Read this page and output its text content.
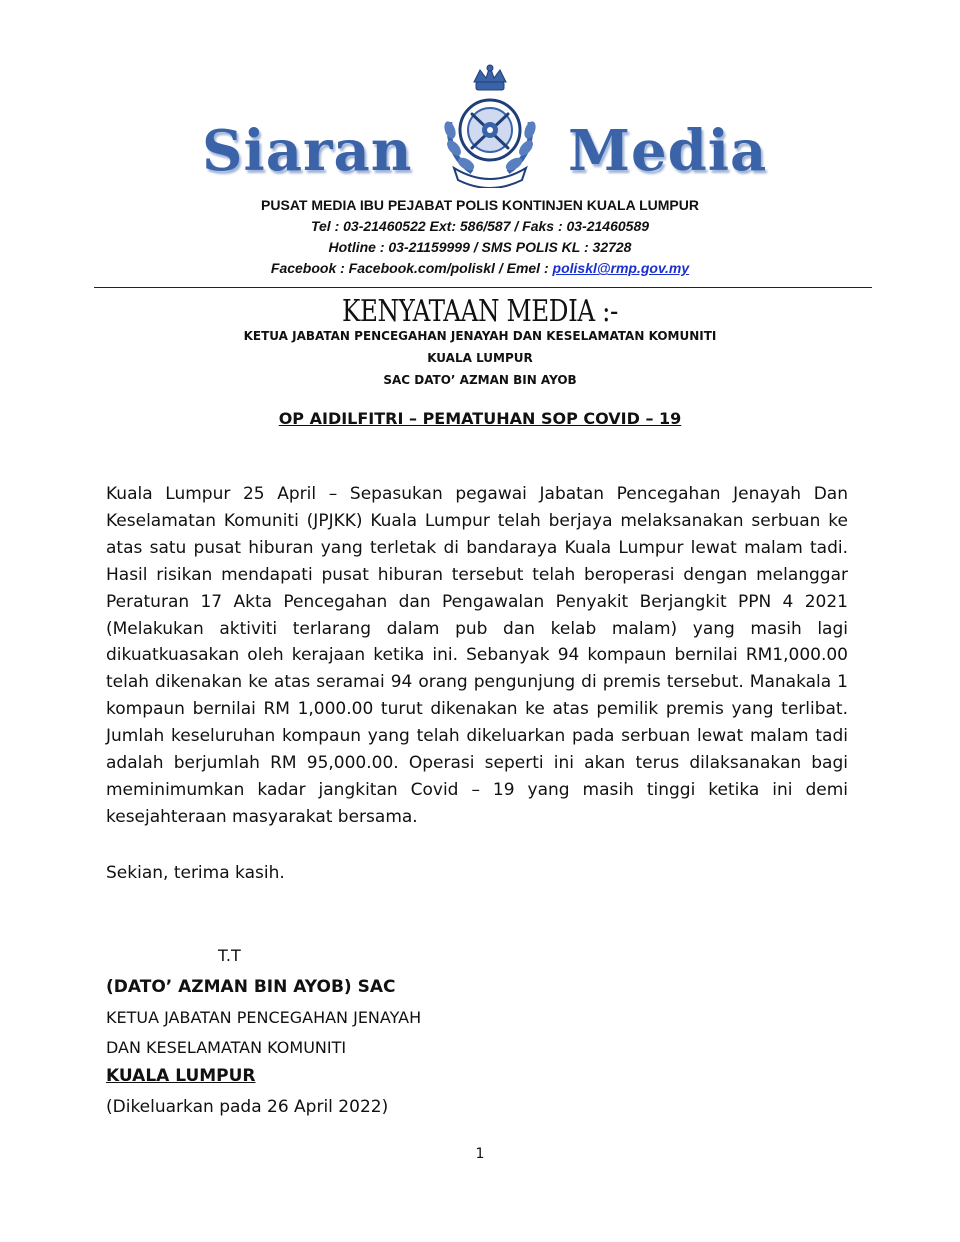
Siaran	Media
PUSAT MEDIA IBU PEJABAT POLIS KONTINJEN KUALA LUMPUR
Tel : 03-21460522 Ext: 586/587 / Faks : 03-21460589
Hotline : 03-21159999 / SMS POLIS KL : 32728
Facebook : Facebook.com/poliskl / Emel : poliskl@rmp.gov.my
KENYATAAN MEDIA :-
KETUA JABATAN PENCEGAHAN JENAYAH DAN KESELAMATAN KOMUNITI
KUALA LUMPUR
SAC DATO’ AZMAN BIN AYOB
OP AIDILFITRI – PEMATUHAN SOP COVID – 19

Kuala Lumpur 25 April – Sepasukan pegawai Jabatan Pencegahan Jenayah Dan Keselamatan Komuniti (JPJKK) Kuala Lumpur telah berjaya melaksanakan serbuan ke atas satu pusat hiburan yang terletak di bandaraya Kuala Lumpur lewat malam tadi. Hasil risikan mendapati pusat hiburan tersebut telah beroperasi dengan melanggar Peraturan 17 Akta Pencegahan dan Pengawalan Penyakit Berjangkit PPN 4 2021 (Melakukan aktiviti terlarang dalam pub dan kelab malam) yang masih lagi dikuatkuasakan oleh kerajaan ketika ini. Sebanyak 94 kompaun bernilai RM1,000.00 telah dikenakan ke atas seramai 94 orang pengunjung di premis tersebut. Manakala 1 kompaun bernilai RM 1,000.00 turut dikenakan ke atas pemilik premis yang terlibat. Jumlah keseluruhan kompaun yang telah dikeluarkan pada serbuan lewat malam tadi adalah berjumlah RM 95,000.00. Operasi seperti ini akan terus dilaksanakan bagi meminimumkan kadar jangkitan Covid – 19 yang masih tinggi ketika ini demi kesejahteraan masyarakat bersama.

Sekian, terima kasih.
T.T
(DATO’ AZMAN BIN AYOB) SAC
KETUA JABATAN PENCEGAHAN JENAYAH
DAN KESELAMATAN KOMUNITI
KUALA LUMPUR
(Dikeluarkan pada 26 April 2022)
1
